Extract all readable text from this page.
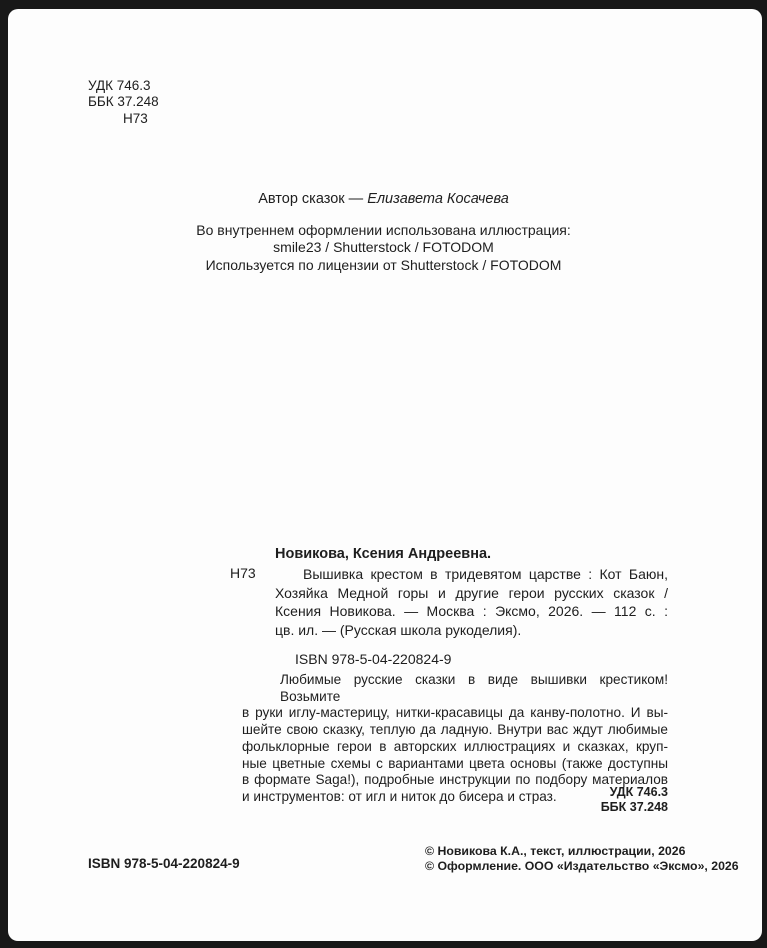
УДК 746.3
ББК 37.248
Н73
Автор сказок — Елизавета Косачева
Во внутреннем оформлении использована иллюстрация:
smile23 / Shutterstock / FOTODOM
Используется по лицензии от Shutterstock / FOTODOM
Новикова, Ксения Андреевна.
Н73	Вышивка крестом в тридевятом царстве : Кот Баюн,
Хозяйка Медной горы и другие герои русских сказок /
Ксения Новикова. — Москва : Эксмо, 2026. — 112 с. :
цв. ил. — (Русская школа рукоделия).
ISBN 978-5-04-220824-9
Любимые русские сказки в виде вышивки крестиком! Возьмите
в руки иглу-мастерицу, нитки-красавицы да канву-полотно. И вы-
шейте свою сказку, теплую да ладную. Внутри вас ждут любимые
фольклорные герои в авторских иллюстрациях и сказках, круп-
ные цветные схемы с вариантами цвета основы (также доступны
в формате Saga!), подробные инструкции по подбору материалов
и инструментов: от игл и ниток до бисера и страз.	УДК 746.3
ББК 37.248
ISBN 978-5-04-220824-9
© Новикова К.А., текст, иллюстрации, 2026
© Оформление. ООО «Издательство «Эксмо», 2026
